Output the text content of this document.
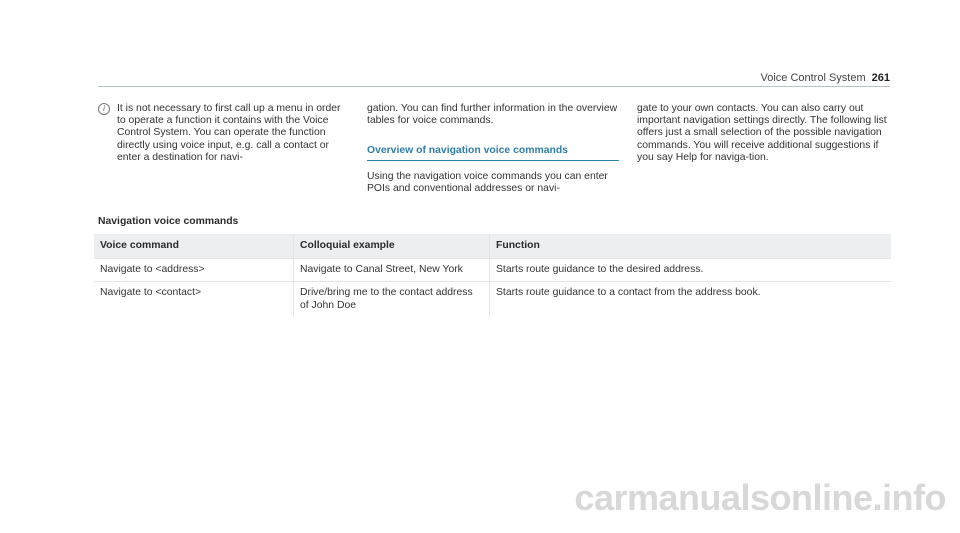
Voice Control System 261
i	It is not necessary to first call up a menu in order to operate a function it contains with the Voice Control System. You can operate the function directly using voice input, e.g. call a contact or enter a destination for navi-

gation. You can find further information in the overview tables for voice commands.

Overview of navigation voice commands

Using the navigation voice commands you can enter POIs and conventional addresses or navi-

gate to your own contacts. You can also carry out important navigation settings directly. The following list offers just a small selection of the possible navigation commands. You will receive additional suggestions if you say Help for naviga-tion.

Navigation voice commands
Voice command	Colloquial example	Function
Navigate to <address>	Navigate to Canal Street, New York	Starts route guidance to the desired address.
Navigate to <contact>	Drive/bring me to the contact address of John Doe	Starts route guidance to a contact from the address book.
carmanualsonline.info
